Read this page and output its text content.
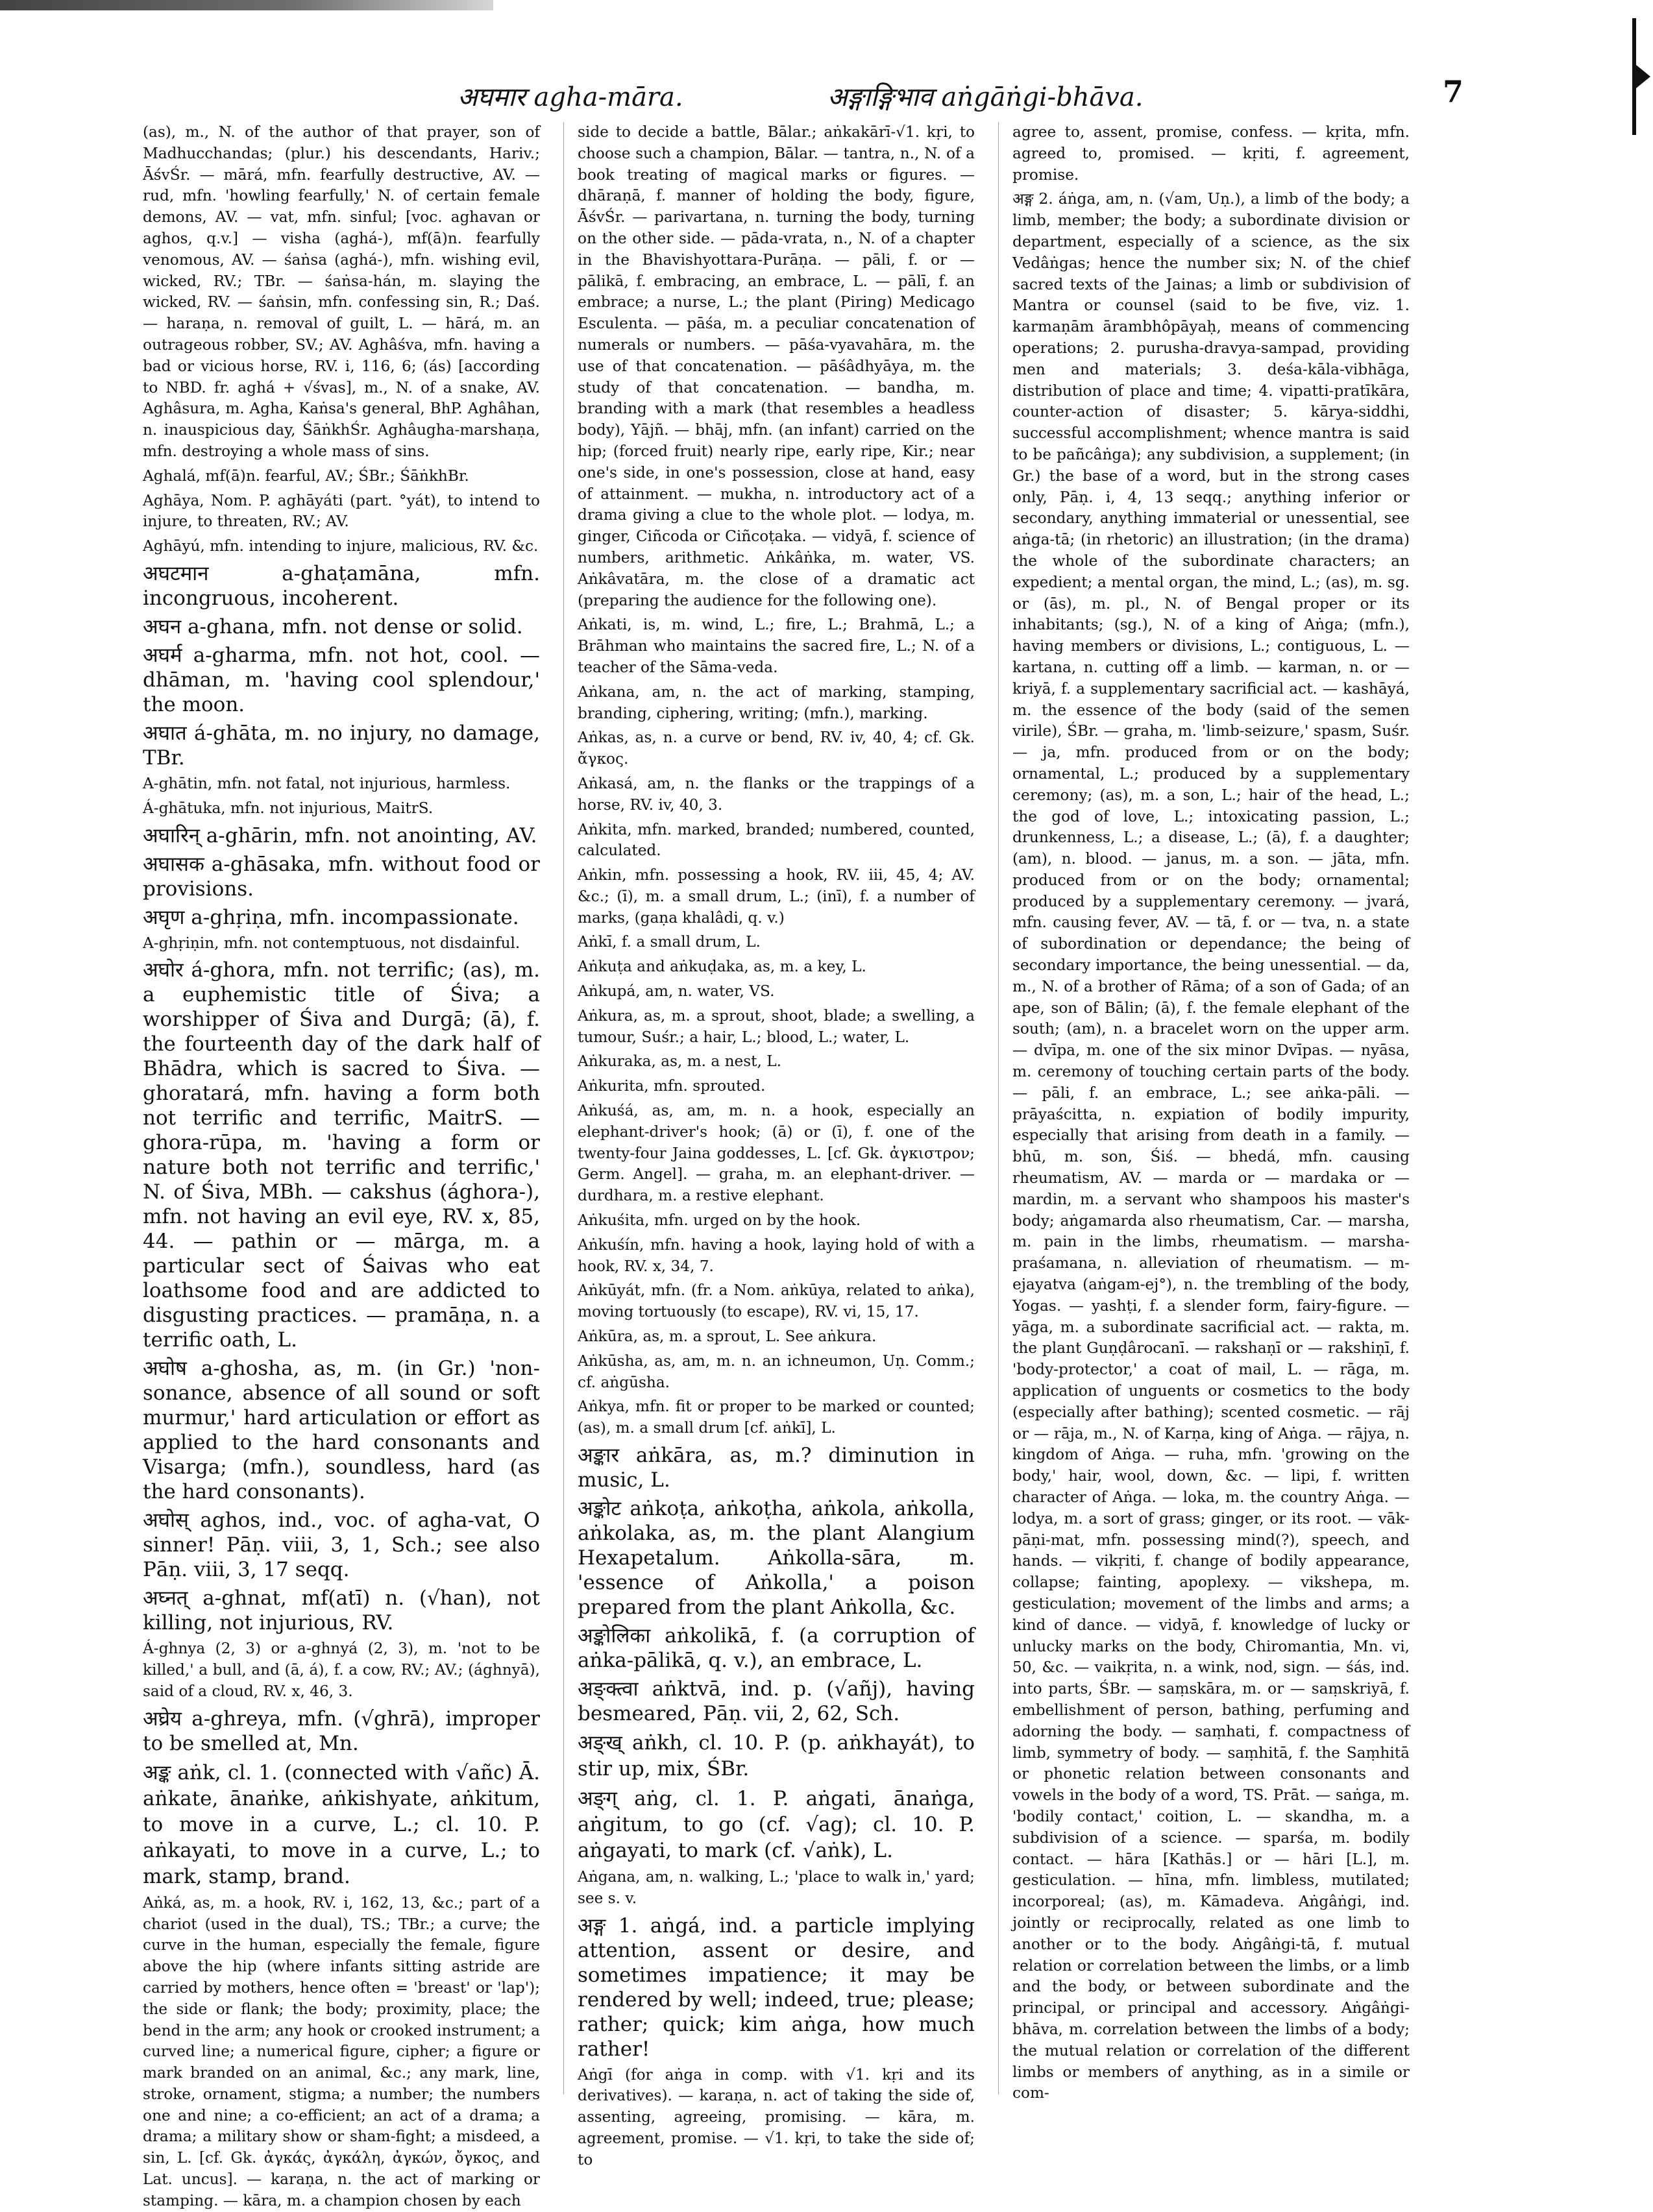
अघमार agha-māra.	अङ्गाङ्गिभाव aṅgāṅgi-bhāva.	7

(as), m., N. of the author of that prayer, son of Madhucchandas; (plur.) his descendants, Hariv.; ĀśvŚr. — mārá, mfn. fearfully destructive, AV. — rud, mfn. 'howling fearfully,' N. of certain female demons, AV. — vat, mfn. sinful; [voc. aghavan or aghos, q.v.] — visha (aghá-), mf(ā)n. fearfully venomous, AV. — śaṅsa (aghá-), mfn. wishing evil, wicked, RV.; TBr. — śaṅsa-hán, m. slaying the wicked, RV. — śaṅsin, mfn. confessing sin, R.; Daś. — haraṇa, n. removal of guilt, L. — hārá, m. an outrageous robber, SV.; AV. Aghâśva, mfn. having a bad or vicious horse, RV. i, 116, 6; (ás) [according to NBD. fr. aghá + √śvas], m., N. of a snake, AV. Aghâsura, m. Agha, Kaṅsa's general, BhP. Aghâhan, n. inauspicious day, ŚāṅkhŚr. Aghâugha-marshaṇa, mfn. destroying a whole mass of sins.

Aghalá, mf(ā)n. fearful, AV.; ŚBr.; ŚāṅkhBr.

Aghāya, Nom. P. aghāyáti (part. °yát), to intend to injure, to threaten, RV.; AV.

Aghāyú, mfn. intending to injure, malicious, RV. &c.

अघटमान a-ghaṭamāna, mfn. incongruous, incoherent.

अघन a-ghana, mfn. not dense or solid.

अघर्म a-gharma, mfn. not hot, cool. — dhāman, m. 'having cool splendour,' the moon.

अघात á-ghāta, m. no injury, no damage, TBr.

A-ghātin, mfn. not fatal, not injurious, harmless.

Á-ghātuka, mfn. not injurious, MaitrS.

अघारिन् a-ghārin, mfn. not anointing, AV.

अघासक a-ghāsaka, mfn. without food or provisions.

अघृण a-ghṛiṇa, mfn. incompassionate.

A-ghṛiṇin, mfn. not contemptuous, not disdainful.

अघोर á-ghora, mfn. not terrific; (as), m. a euphemistic title of Śiva; a worshipper of Śiva and Durgā; (ā), f. the fourteenth day of the dark half of Bhādra, which is sacred to Śiva. — ghoratará, mfn. having a form both not terrific and terrific, MaitrS. — ghora-rūpa, m. 'having a form or nature both not terrific and terrific,' N. of Śiva, MBh. — cakshus (ághora-), mfn. not having an evil eye, RV. x, 85, 44. — pathin or — mārga, m. a particular sect of Śaivas who eat loathsome food and are addicted to disgusting practices. — pramāṇa, n. a terrific oath, L.

अघोष a-ghosha, as, m. (in Gr.) 'non-sonance, absence of all sound or soft murmur,' hard articulation or effort as applied to the hard consonants and Visarga; (mfn.), soundless, hard (as the hard consonants).

अघोस् aghos, ind., voc. of agha-vat, O sinner! Pāṇ. viii, 3, 1, Sch.; see also Pāṇ. viii, 3, 17 seqq.

अघ्नत् a-ghnat, mf(atī) n. (√han), not killing, not injurious, RV.

Á-ghnya (2, 3) or a-ghnyá (2, 3), m. 'not to be killed,' a bull, and (ā, á), f. a cow, RV.; AV.; (ághnyā), said of a cloud, RV. x, 46, 3.

अघ्रेय a-ghreya, mfn. (√ghrā), improper to be smelled at, Mn.

अङ्क aṅk, cl. 1. (connected with √añc) Ā. aṅkate, ānaṅke, aṅkishyate, aṅkitum, to move in a curve, L.; cl. 10. P. aṅkayati, to move in a curve, L.; to mark, stamp, brand.

Aṅká, as, m. a hook, RV. i, 162, 13, &c.; part of a chariot (used in the dual), TS.; TBr.; a curve; the curve in the human, especially the female, figure above the hip (where infants sitting astride are carried by mothers, hence often = 'breast' or 'lap'); the side or flank; the body; proximity, place; the bend in the arm; any hook or crooked instrument; a curved line; a numerical figure, cipher; a figure or mark branded on an animal, &c.; any mark, line, stroke, ornament, stigma; a number; the numbers one and nine; a co-efficient; an act of a drama; a drama; a military show or sham-fight; a misdeed, a sin, L. [cf. Gk. ἀγκάς, ἀγκάλη, ἀγκών, ὄγκος, and Lat. uncus]. — karaṇa, n. the act of marking or stamping. — kāra, m. a champion chosen by each

side to decide a battle, Bālar.; aṅkakārī-√1. kṛi, to choose such a champion, Bālar. — tantra, n., N. of a book treating of magical marks or figures. — dhāraṇā, f. manner of holding the body, figure, ĀśvŚr. — parivartana, n. turning the body, turning on the other side. — pāda-vrata, n., N. of a chapter in the Bhavishyottara-Purāṇa. — pāli, f. or — pālikā, f. embracing, an embrace, L. — pālī, f. an embrace; a nurse, L.; the plant (Piring) Medicago Esculenta. — pāśa, m. a peculiar concatenation of numerals or numbers. — pāśa-vyavahāra, m. the use of that concatenation. — pāśâdhyāya, m. the study of that concatenation. — bandha, m. branding with a mark (that resembles a headless body), Yājñ. — bhāj, mfn. (an infant) carried on the hip; (forced fruit) nearly ripe, early ripe, Kir.; near one's side, in one's possession, close at hand, easy of attainment. — mukha, n. introductory act of a drama giving a clue to the whole plot. — lodya, m. ginger, Ciñcoda or Ciñcoṭaka. — vidyā, f. science of numbers, arithmetic. Aṅkâṅka, m. water, VS. Aṅkâvatāra, m. the close of a dramatic act (preparing the audience for the following one).

Aṅkati, is, m. wind, L.; fire, L.; Brahmā, L.; a Brāhman who maintains the sacred fire, L.; N. of a teacher of the Sāma-veda.

Aṅkana, am, n. the act of marking, stamping, branding, ciphering, writing; (mfn.), marking.

Aṅkas, as, n. a curve or bend, RV. iv, 40, 4; cf. Gk. ἄγκος.

Aṅkasá, am, n. the flanks or the trappings of a horse, RV. iv, 40, 3.

Aṅkita, mfn. marked, branded; numbered, counted, calculated.

Aṅkin, mfn. possessing a hook, RV. iii, 45, 4; AV. &c.; (ī), m. a small drum, L.; (inī), f. a number of marks, (gaṇa khalâdi, q. v.)

Aṅkī, f. a small drum, L.

Aṅkuṭa and aṅkuḍaka, as, m. a key, L.

Aṅkupá, am, n. water, VS.

Aṅkura, as, m. a sprout, shoot, blade; a swelling, a tumour, Suśr.; a hair, L.; blood, L.; water, L.

Aṅkuraka, as, m. a nest, L.

Aṅkurita, mfn. sprouted.

Aṅkuśá, as, am, m. n. a hook, especially an elephant-driver's hook; (ā) or (ī), f. one of the twenty-four Jaina goddesses, L. [cf. Gk. ἀγκιστρον; Germ. Angel]. — graha, m. an elephant-driver. — durdhara, m. a restive elephant.

Aṅkuśita, mfn. urged on by the hook.

Aṅkuśín, mfn. having a hook, laying hold of with a hook, RV. x, 34, 7.

Aṅkūyát, mfn. (fr. a Nom. aṅkūya, related to aṅka), moving tortuously (to escape), RV. vi, 15, 17.

Aṅkūra, as, m. a sprout, L. See aṅkura.

Aṅkūsha, as, am, m. n. an ichneumon, Uṇ. Comm.; cf. aṅgūsha.

Aṅkya, mfn. fit or proper to be marked or counted; (as), m. a small drum [cf. aṅkī], L.

अङ्कार aṅkāra, as, m.? diminution in music, L.

अङ्कोट aṅkoṭa, aṅkoṭha, aṅkola, aṅkolla, aṅkolaka, as, m. the plant Alangium Hexapetalum. Aṅkolla-sāra, m. 'essence of Aṅkolla,' a poison prepared from the plant Aṅkolla, &c.

अङ्कोलिका aṅkolikā, f. (a corruption of aṅka-pālikā, q. v.), an embrace, L.

अङ्क्त्वा aṅktvā, ind. p. (√añj), having besmeared, Pāṇ. vii, 2, 62, Sch.

अङ्ख् aṅkh, cl. 10. P. (p. aṅkhayát), to stir up, mix, ŚBr.

अङ्ग् aṅg, cl. 1. P. aṅgati, ānaṅga, aṅgitum, to go (cf. √ag); cl. 10. P. aṅgayati, to mark (cf. √aṅk), L.

Aṅgana, am, n. walking, L.; 'place to walk in,' yard; see s. v.

अङ्ग 1. aṅgá, ind. a particle implying attention, assent or desire, and sometimes impatience; it may be rendered by well; indeed, true; please; rather; quick; kim aṅga, how much rather!

Aṅgī (for aṅga in comp. with √1. kṛi and its derivatives). — karaṇa, n. act of taking the side of, assenting, agreeing, promising. — kāra, m. agreement, promise. — √1. kṛi, to take the side of; to

agree to, assent, promise, confess. — kṛita, mfn. agreed to, promised. — kṛiti, f. agreement, promise.

अङ्ग 2. áṅga, am, n. (√am, Uṇ.), a limb of the body; a limb, member; the body; a subordinate division or department, especially of a science, as the six Vedâṅgas; hence the number six; N. of the chief sacred texts of the Jainas; a limb or subdivision of Mantra or counsel (said to be five, viz. 1. karmaṇām ārambhôpāyaḥ, means of commencing operations; 2. purusha-dravya-sampad, providing men and materials; 3. deśa-kāla-vibhāga, distribution of place and time; 4. vipatti-pratīkāra, counter-action of disaster; 5. kārya-siddhi, successful accomplishment; whence mantra is said to be pañcâṅga); any subdivision, a supplement; (in Gr.) the base of a word, but in the strong cases only, Pāṇ. i, 4, 13 seqq.; anything inferior or secondary, anything immaterial or unessential, see aṅga-tā; (in rhetoric) an illustration; (in the drama) the whole of the subordinate characters; an expedient; a mental organ, the mind, L.; (as), m. sg. or (ās), m. pl., N. of Bengal proper or its inhabitants; (sg.), N. of a king of Aṅga; (mfn.), having members or divisions, L.; contiguous, L. — kartana, n. cutting off a limb. — karman, n. or — kriyā, f. a supplementary sacrificial act. — kashāyá, m. the essence of the body (said of the semen virile), ŚBr. — graha, m. 'limb-seizure,' spasm, Suśr. — ja, mfn. produced from or on the body; ornamental, L.; produced by a supplementary ceremony; (as), m. a son, L.; hair of the head, L.; the god of love, L.; intoxicating passion, L.; drunkenness, L.; a disease, L.; (ā), f. a daughter; (am), n. blood. — janus, m. a son. — jāta, mfn. produced from or on the body; ornamental; produced by a supplementary ceremony. — jvará, mfn. causing fever, AV. — tā, f. or — tva, n. a state of subordination or dependance; the being of secondary importance, the being unessential. — da, m., N. of a brother of Rāma; of a son of Gada; of an ape, son of Bālin; (ā), f. the female elephant of the south; (am), n. a bracelet worn on the upper arm. — dvīpa, m. one of the six minor Dvīpas. — nyāsa, m. ceremony of touching certain parts of the body. — pāli, f. an embrace, L.; see aṅka-pāli. — prāyaścitta, n. expiation of bodily impurity, especially that arising from death in a family. — bhū, m. son, Śiś. — bhedá, mfn. causing rheumatism, AV. — marda or — mardaka or — mardin, m. a servant who shampoos his master's body; aṅgamarda also rheumatism, Car. — marsha, m. pain in the limbs, rheumatism. — marsha-praśamana, n. alleviation of rheumatism. — m-ejayatva (aṅgam-ej°), n. the trembling of the body, Yogas. — yashṭi, f. a slender form, fairy-figure. — yāga, m. a subordinate sacrificial act. — rakta, m. the plant Guṇḍârocanī. — rakshaṇī or — rakshiṇī, f. 'body-protector,' a coat of mail, L. — rāga, m. application of unguents or cosmetics to the body (especially after bathing); scented cosmetic. — rāj or — rāja, m., N. of Karṇa, king of Aṅga. — rājya, n. kingdom of Aṅga. — ruha, mfn. 'growing on the body,' hair, wool, down, &c. — lipi, f. written character of Aṅga. — loka, m. the country Aṅga. — lodya, m. a sort of grass; ginger, or its root. — vāk-pāṇi-mat, mfn. possessing mind(?), speech, and hands. — vikṛiti, f. change of bodily appearance, collapse; fainting, apoplexy. — vikshepa, m. gesticulation; movement of the limbs and arms; a kind of dance. — vidyā, f. knowledge of lucky or unlucky marks on the body, Chiromantia, Mn. vi, 50, &c. — vaikṛita, n. a wink, nod, sign. — śás, ind. into parts, ŚBr. — saṃskāra, m. or — saṃskriyā, f. embellishment of person, bathing, perfuming and adorning the body. — saṃhati, f. compactness of limb, symmetry of body. — saṃhitā, f. the Saṃhitā or phonetic relation between consonants and vowels in the body of a word, TS. Prāt. — saṅga, m. 'bodily contact,' coition, L. — skandha, m. a subdivision of a science. — sparśa, m. bodily contact. — hāra [Kathās.] or — hāri [L.], m. gesticulation. — hīna, mfn. limbless, mutilated; incorporeal; (as), m. Kāmadeva. Aṅgâṅgi, ind. jointly or reciprocally, related as one limb to another or to the body. Aṅgâṅgi-tā, f. mutual relation or correlation between the limbs, or a limb and the body, or between subordinate and the principal, or principal and accessory. Aṅgâṅgi-bhāva, m. correlation between the limbs of a body; the mutual relation or correlation of the different limbs or members of anything, as in a simile or com-
